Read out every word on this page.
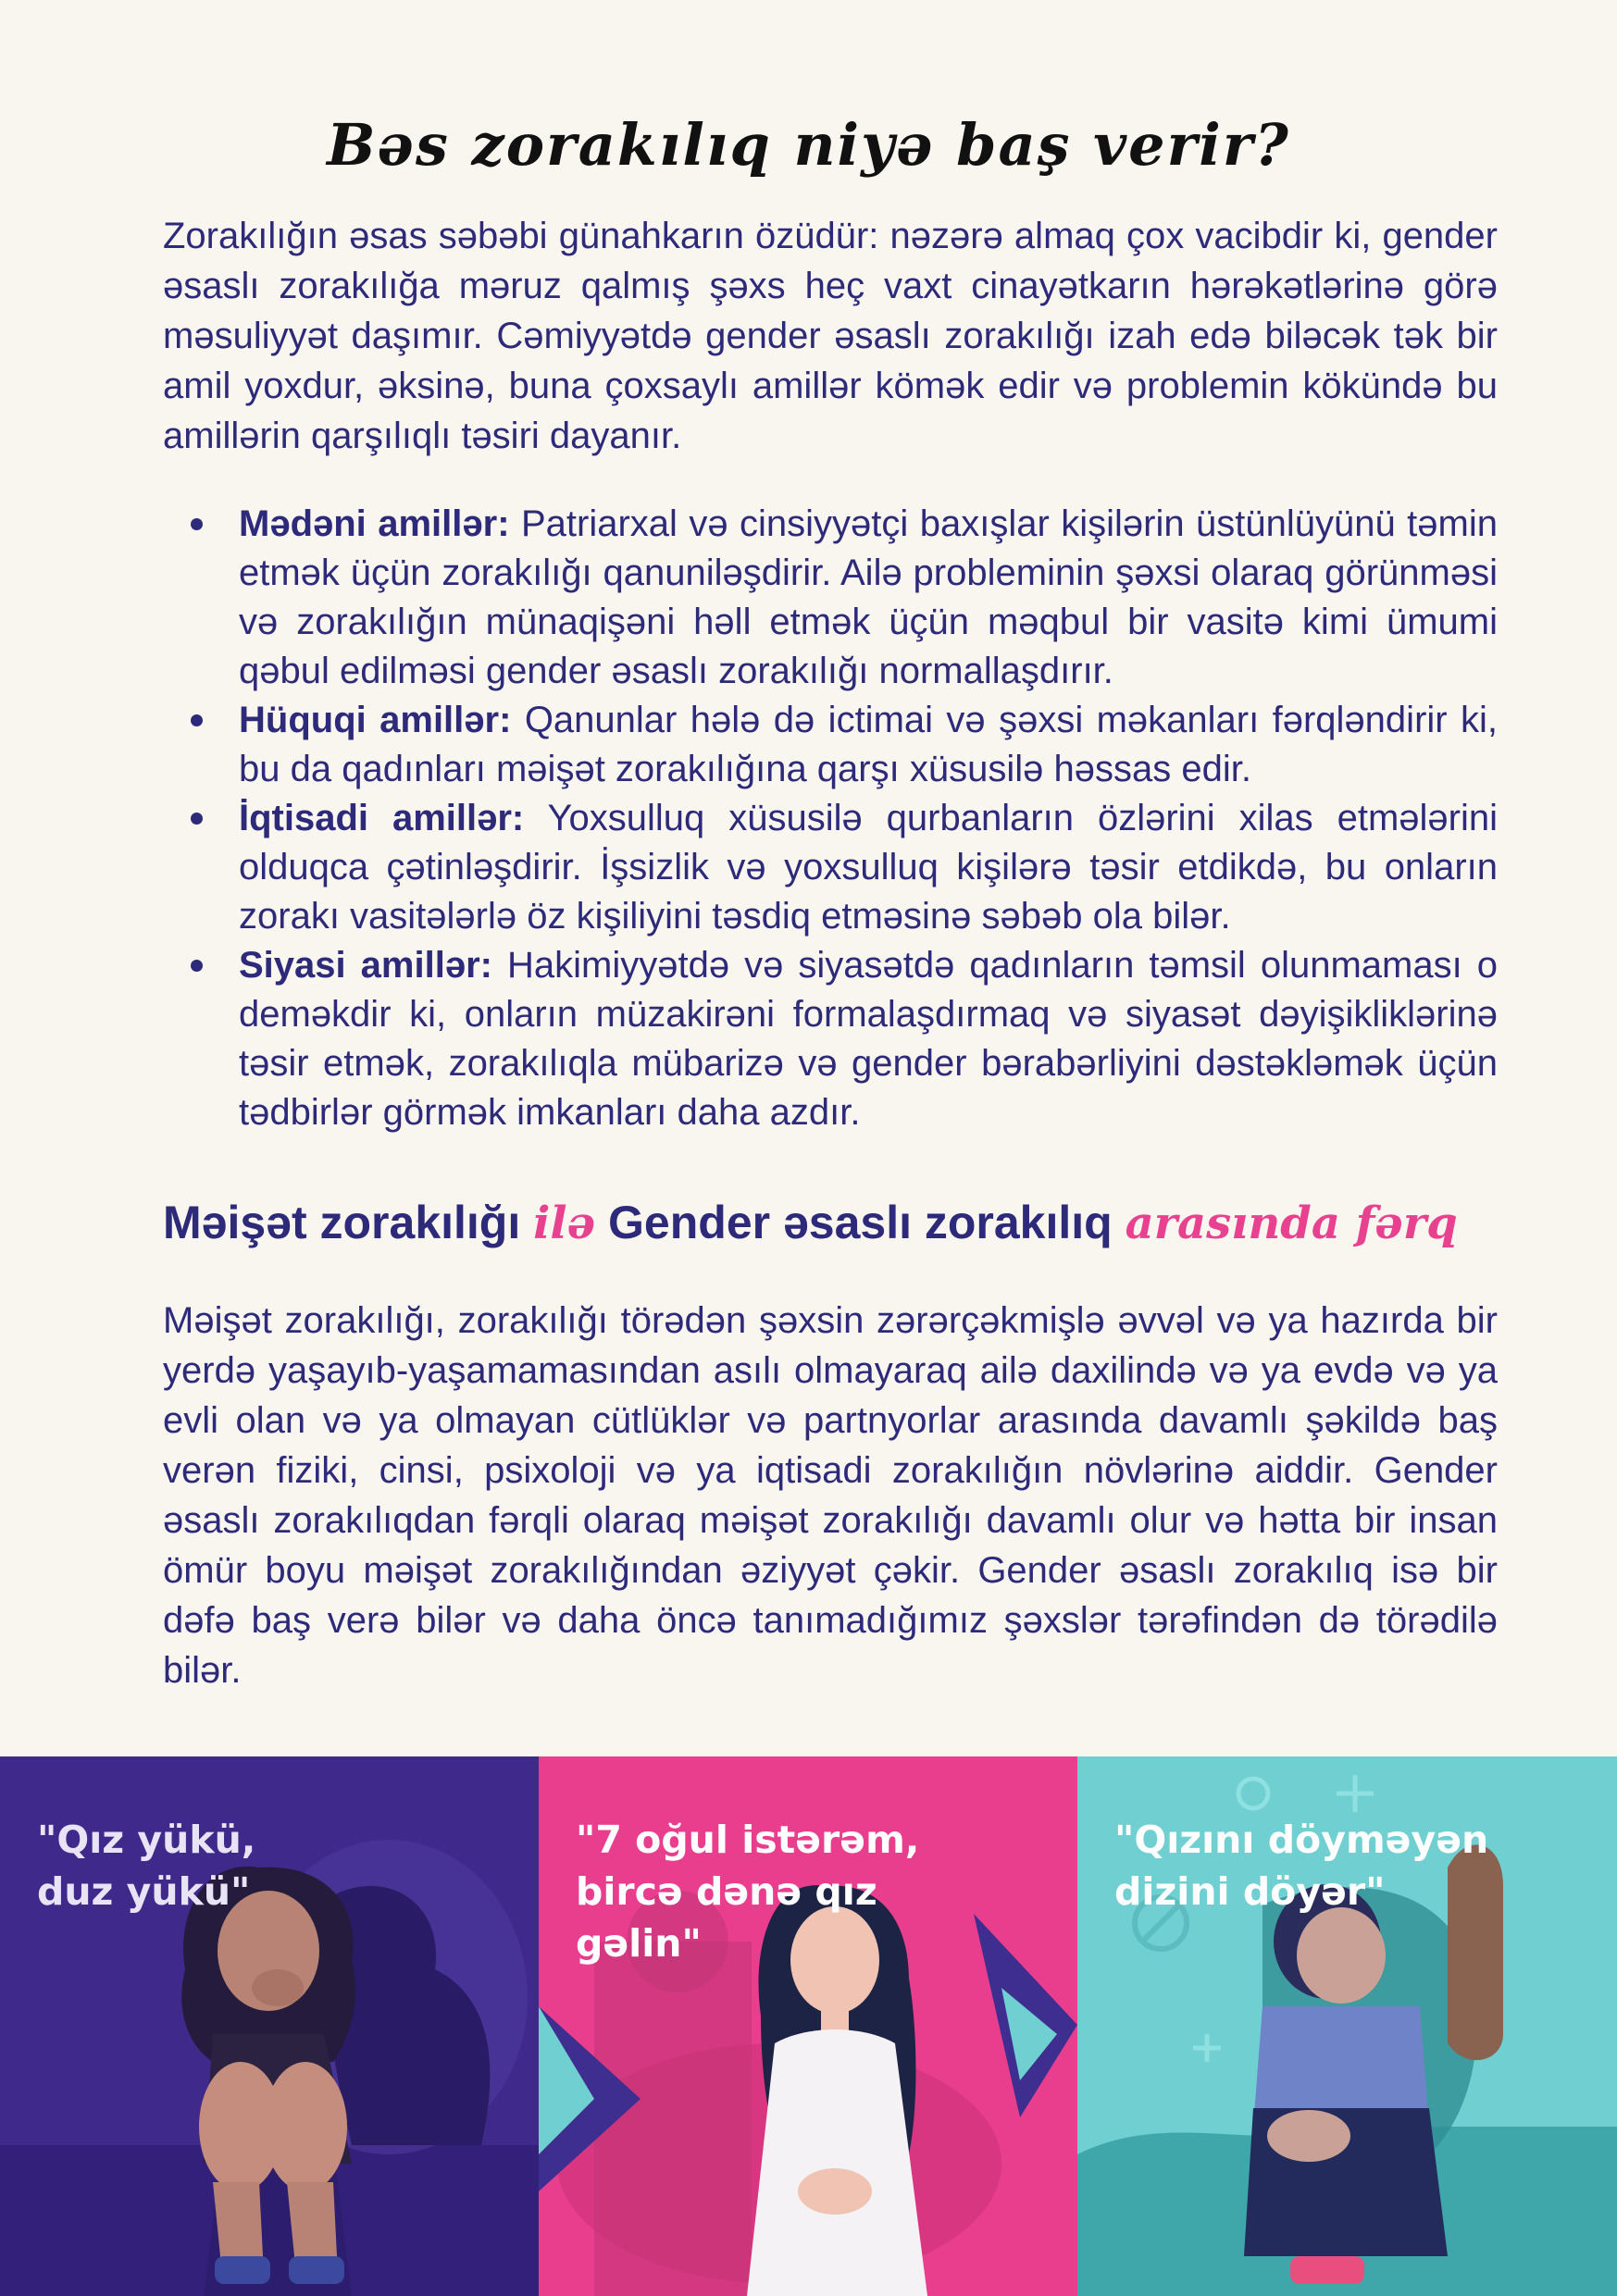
Bəs zorakılıq niyə baş verir?

Zorakılığın əsas səbəbi günahkarın özüdür: nəzərə almaq çox vacibdir ki, gender əsaslı zorakılığa məruz qalmış şəxs heç vaxt cinayətkarın hərəkətlərinə görə məsuliyyət daşımır. Cəmiyyətdə gender əsaslı zorakılığı izah edə biləcək tək bir amil yoxdur, əksinə, buna çoxsaylı amillər kömək edir və problemin kökündə bu amillərin qarşılıqlı təsiri dayanır.

Mədəni amillər: Patriarxal və cinsiyyətçi baxışlar kişilərin üstünlüyünü təmin etmək üçün zorakılığı qanuniləşdirir. Ailə probleminin şəxsi olaraq görünməsi və zorakılığın münaqişəni həll etmək üçün məqbul bir vasitə kimi ümumi qəbul edilməsi gender əsaslı zorakılığı normallaşdırır.
Hüquqi amillər: Qanunlar hələ də ictimai və şəxsi məkanları fərqləndirir ki, bu da qadınları məişət zorakılığına qarşı xüsusilə həssas edir.
İqtisadi amillər: Yoxsulluq xüsusilə qurbanların özlərini xilas etmələrini olduqca çətinləşdirir. İşsizlik və yoxsulluq kişilərə təsir etdikdə, bu onların zorakı vasitələrlə öz kişiliyini təsdiq etməsinə səbəb ola bilər.
Siyasi amillər: Hakimiyyətdə və siyasətdə qadınların təmsil olunmaması o deməkdir ki, onların müzakirəni formalaşdırmaq və siyasət dəyişikliklərinə təsir etmək, zorakılıqla mübarizə və gender bərabərliyini dəstəkləmək üçün tədbirlər görmək imkanları daha azdır.
Məişət zorakılığı ilə Gender əsaslı zorakılıq arasında fərq

Məişət zorakılığı, zorakılığı törədən şəxsin zərərçəkmişlə əvvəl və ya hazırda bir yerdə yaşayıb-yaşamamasından asılı olmayaraq ailə daxilində və ya evdə və ya evli olan və ya olmayan cütlüklər və partnyorlar arasında davamlı şəkildə baş verən fiziki, cinsi, psixoloji və ya iqtisadi zorakılığın növlərinə aiddir. Gender əsaslı zorakılıqdan fərqli olaraq məişət zorakılığı davamlı olur və hətta bir insan ömür boyu məişət zorakılığından əziyyət çəkir. Gender əsaslı zorakılıq isə bir dəfə baş verə bilər və daha öncə tanımadığımız şəxslər tərəfindən də törədilə bilər.

"Qız yükü,
duz yükü"
"7 oğul istərəm,
bircə dənə qız
gəlin"
"Qızını döyməyən
dizini döyər"
